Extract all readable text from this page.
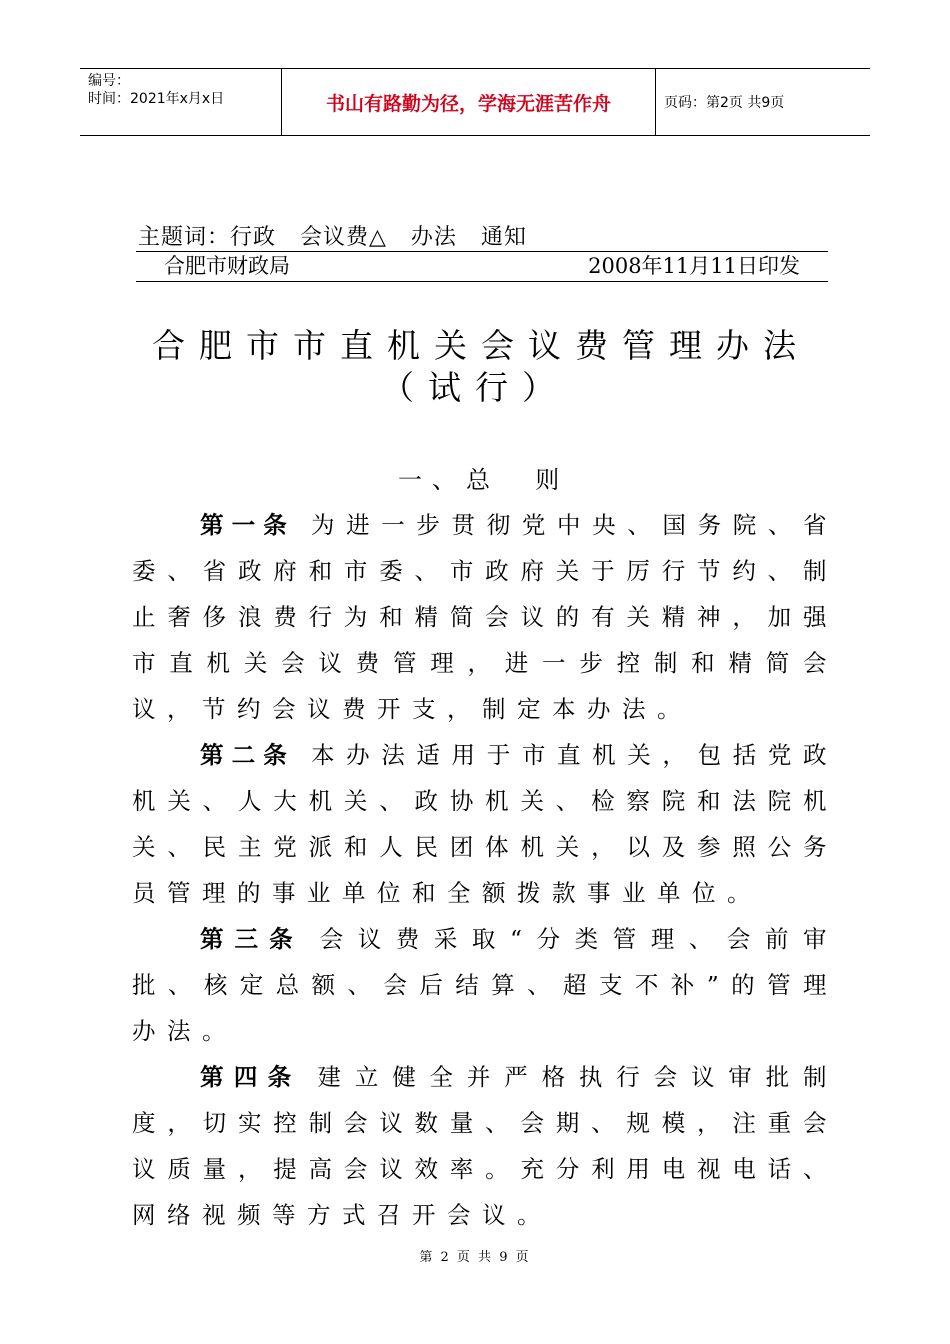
编号：
时间：2021年x月x日	书山有路勤为径，学海无涯苦作舟	页码：第2页 共9页
主题词：行政   会议费△   办法   通知
合肥市财政局	2008年11月11日印发
合肥市市直机关会议费管理办法
（试行）
一、总  则

第一条 为进一步贯彻党中央、国务院、省委、省政府和市委、市政府关于厉行节约、制止奢侈浪费行为和精简会议的有关精神，加强市直机关会议费管理，进一步控制和精简会议，节约会议费开支，制定本办法。

第二条 本办法适用于市直机关，包括党政机关、人大机关、政协机关、检察院和法院机关、民主党派和人民团体机关，以及参照公务员管理的事业单位和全额拨款事业单位。

第三条 会议费采取“分类管理、会前审批、核定总额、会后结算、超支不补”的管理办法。

第四条 建立健全并严格执行会议审批制度，切实控制会议数量、会期、规模，注重会议质量，提高会议效率。充分利用电视电话、网络视频等方式召开会议。

第 2 页 共 9 页
